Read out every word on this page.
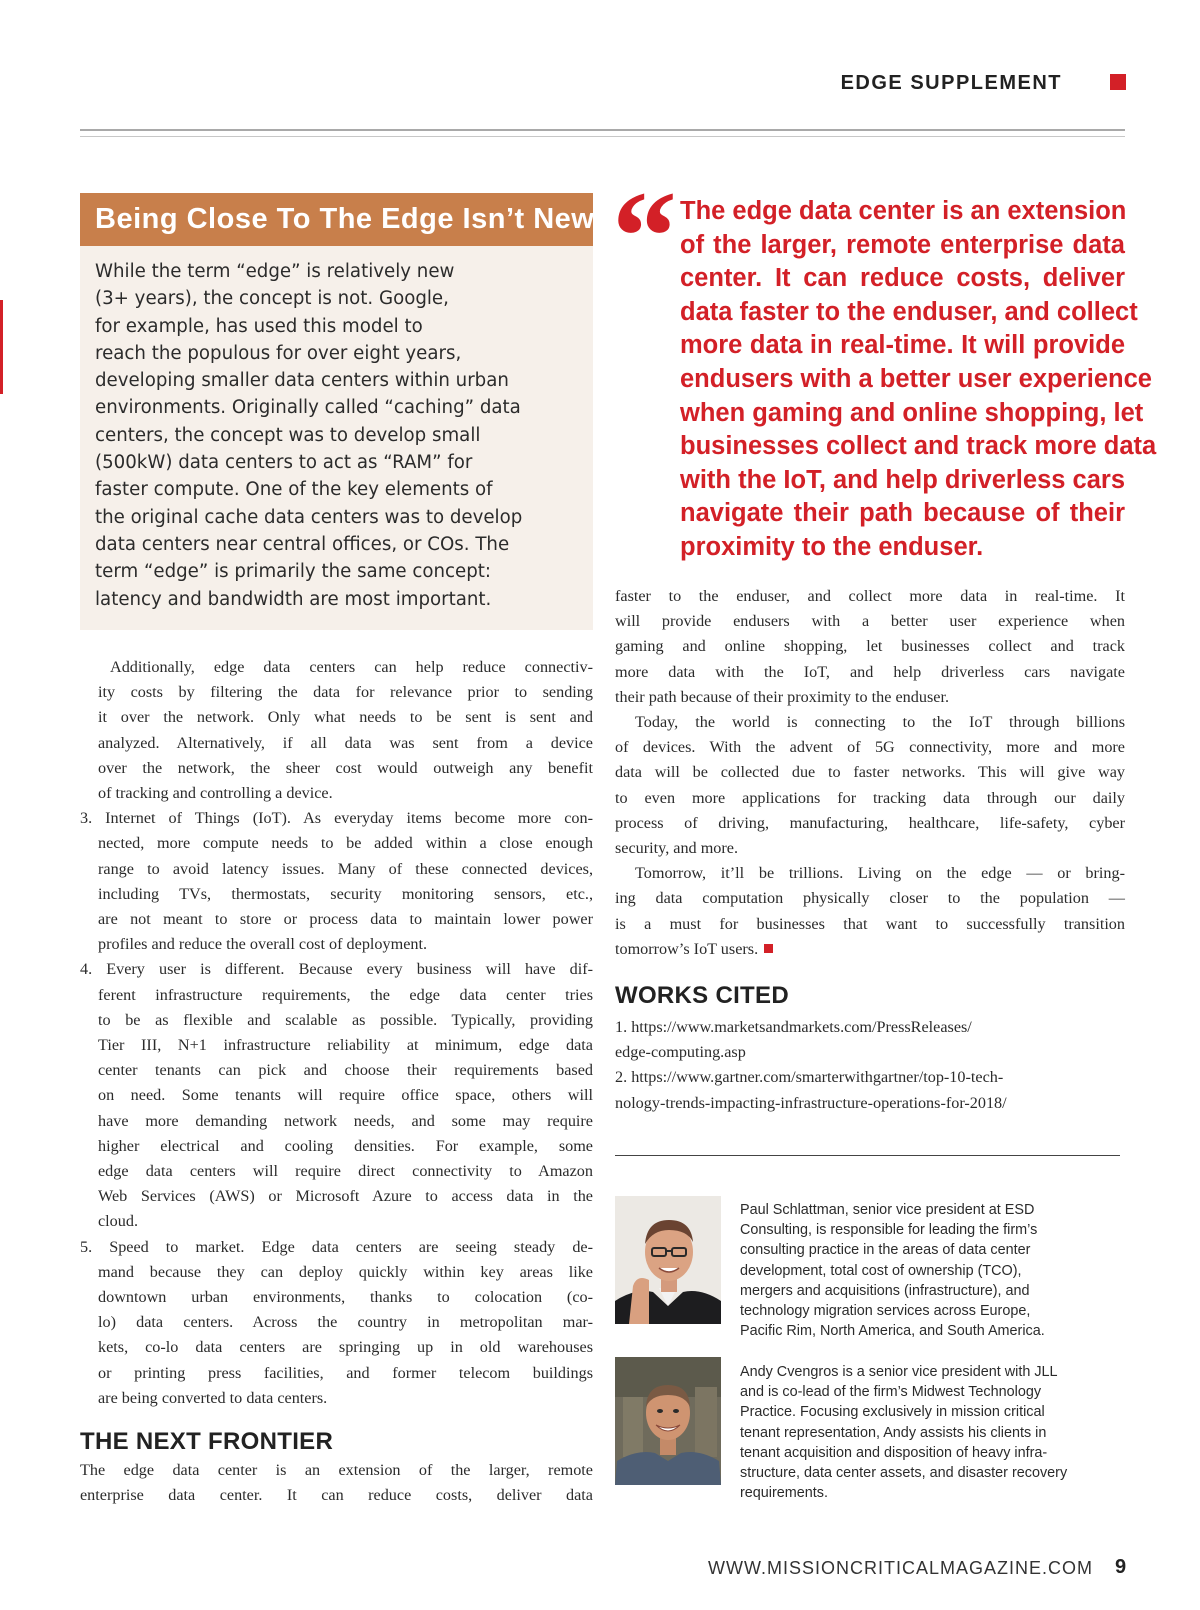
EDGE SUPPLEMENT
Being Close To The Edge Isn’t New
While the term “edge” is relatively new
(3+ years), the concept is not. Google,
for example, has used this model to
reach the populous for over eight years,
developing smaller data centers within urban
environments. Originally called “caching” data
centers, the concept was to develop small
(500kW) data centers to act as “RAM” for
faster compute. One of the key elements of
the original cache data centers was to develop
data centers near central offices, or COs. The
term “edge” is primarily the same concept:
latency and bandwidth are most important.
“ The edge data center is an extension
of the larger, remote enterprise data
center. It can reduce costs, deliver
data faster to the enduser, and collect
more data in real-time. It will provide
endusers with a better user experience
when gaming and online shopping, let
businesses collect and track more data
with the IoT, and help driverless cars
navigate their path because of their
proximity to the enduser.
Additionally, edge data centers can help reduce connectiv-
ity costs by filtering the data for relevance prior to sending
it over the network. Only what needs to be sent is sent and
analyzed. Alternatively, if all data was sent from a device
over the network, the sheer cost would outweigh any benefit
of tracking and controlling a device.
3. Internet of Things (IoT). As everyday items become more con-
nected, more compute needs to be added within a close enough
range to avoid latency issues. Many of these connected devices,
including TVs, thermostats, security monitoring sensors, etc.,
are not meant to store or process data to maintain lower power
profiles and reduce the overall cost of deployment.
4. Every user is different. Because every business will have dif-
ferent infrastructure requirements, the edge data center tries
to be as flexible and scalable as possible. Typically, providing
Tier III, N+1 infrastructure reliability at minimum, edge data
center tenants can pick and choose their requirements based
on need. Some tenants will require office space, others will
have more demanding network needs, and some may require
higher electrical and cooling densities. For example, some
edge data centers will require direct connectivity to Amazon
Web Services (AWS) or Microsoft Azure to access data in the
cloud.
5. Speed to market. Edge data centers are seeing steady de-
mand because they can deploy quickly within key areas like
downtown urban environments, thanks to colocation (co-
lo) data centers. Across the country in metropolitan mar-
kets, co-lo data centers are springing up in old warehouses
or printing press facilities, and former telecom buildings
are being converted to data centers.
THE NEXT FRONTIER
The edge data center is an extension of the larger, remote
enterprise data center. It can reduce costs, deliver data
faster to the enduser, and collect more data in real-time. It
will provide endusers with a better user experience when
gaming and online shopping, let businesses collect and track
more data with the IoT, and help driverless cars navigate
their path because of their proximity to the enduser.
Today, the world is connecting to the IoT through billions
of devices. With the advent of 5G connectivity, more and more
data will be collected due to faster networks. This will give way
to even more applications for tracking data through our daily
process of driving, manufacturing, healthcare, life-safety, cyber
security, and more.
Tomorrow, it’ll be trillions. Living on the edge — or bring-
ing data computation physically closer to the population —
is a must for businesses that want to successfully transition
tomorrow’s IoT users.
WORKS CITED
1. https://www.marketsandmarkets.com/PressReleases/
edge-computing.asp
2. https://www.gartner.com/smarterwithgartner/top-10-tech-
nology-trends-impacting-infrastructure-operations-for-2018/
Paul Schlattman, senior vice president at ESD
Consulting, is responsible for leading the firm’s
consulting practice in the areas of data center
development, total cost of ownership (TCO),
mergers and acquisitions (infrastructure), and
technology migration services across Europe,
Pacific Rim, North America, and South America.
Andy Cvengros is a senior vice president with JLL
and is co-lead of the firm’s Midwest Technology
Practice. Focusing exclusively in mission critical
tenant representation, Andy assists his clients in
tenant acquisition and disposition of heavy infra-
structure, data center assets, and disaster recovery
requirements.
WWW.MISSIONCRITICALMAGAZINE.COM 9
